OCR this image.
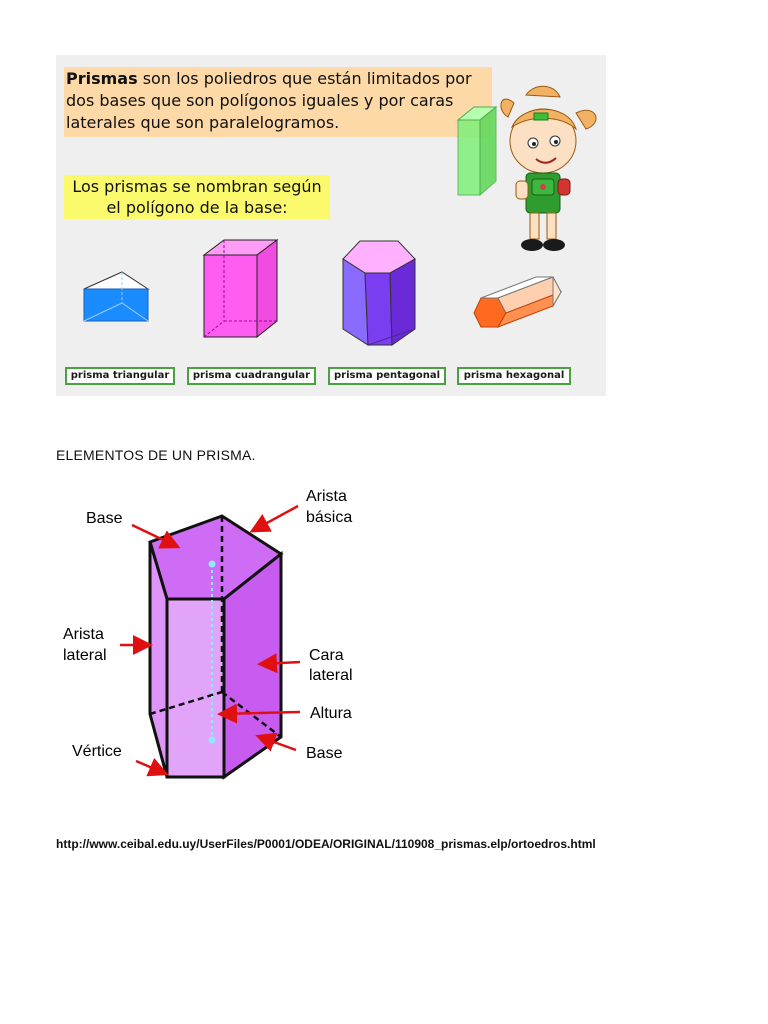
Prismas son los poliedros que están limitados por dos bases que son polígonos iguales y por caras laterales que son paralelogramos.
Los prismas se nombran según
el polígono de la base:
prisma triangular	prisma cuadrangular	prisma pentagonal	prisma hexagonal
ELEMENTOS DE UN PRISMA.
Base
Arista
básica
Arista
lateral	Cara
lateral
Altura
Vértice	Base
http://www.ceibal.edu.uy/UserFiles/P0001/ODEA/ORIGINAL/110908_prismas.elp/ortoedros.html
